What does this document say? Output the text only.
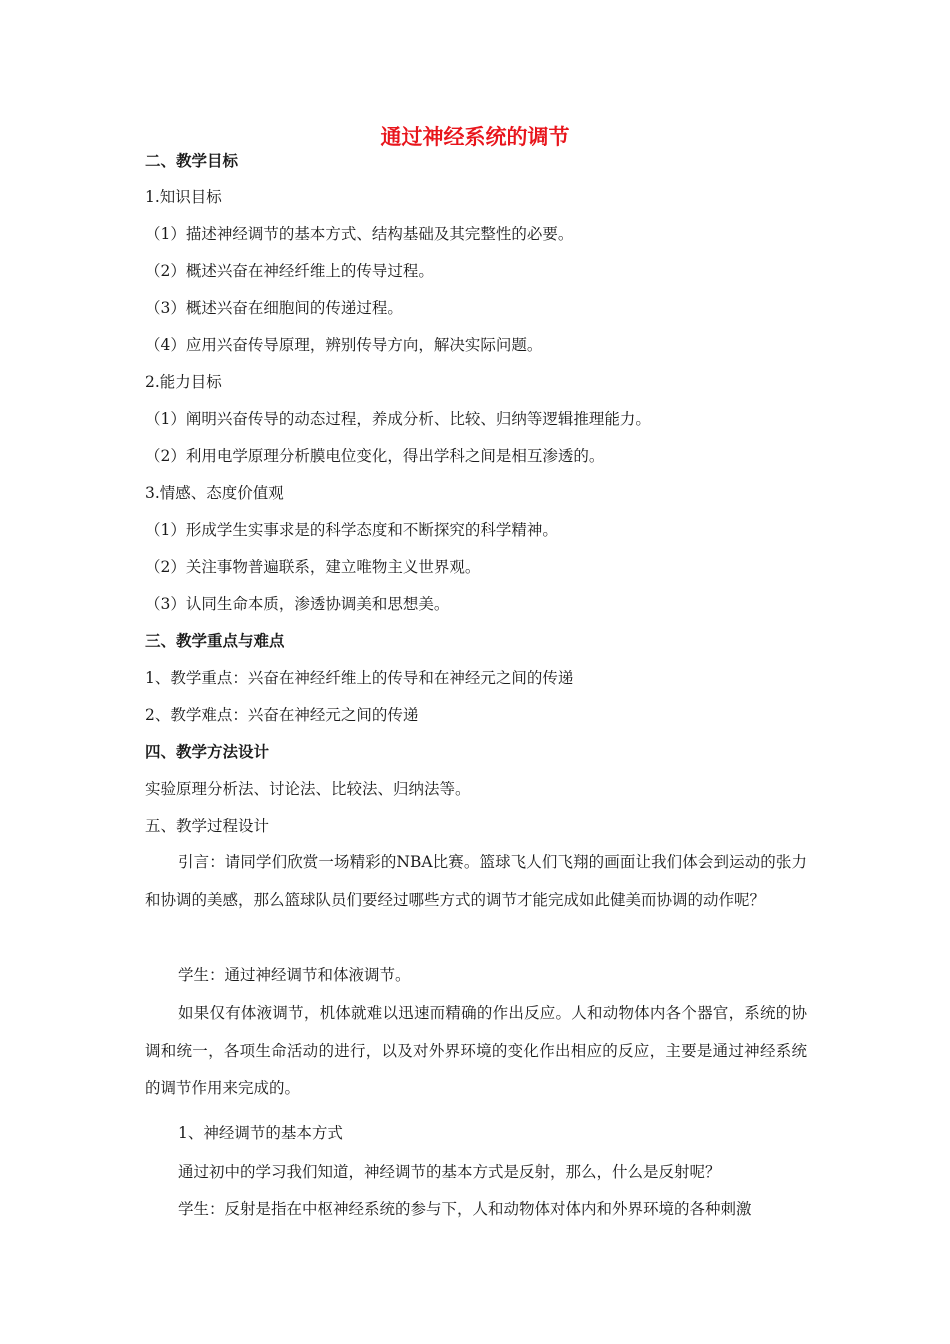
通过神经系统的调节
二、教学目标
1.知识目标
（1）描述神经调节的基本方式、结构基础及其完整性的必要。
（2）概述兴奋在神经纤维上的传导过程。
（3）概述兴奋在细胞间的传递过程。
（4）应用兴奋传导原理，辨别传导方向，解决实际问题。
2.能力目标
（1）阐明兴奋传导的动态过程，养成分析、比较、归纳等逻辑推理能力。
（2）利用电学原理分析膜电位变化，得出学科之间是相互渗透的。
3.情感、态度价值观
（1）形成学生实事求是的科学态度和不断探究的科学精神。
（2）关注事物普遍联系，建立唯物主义世界观。
（3）认同生命本质，渗透协调美和思想美。
三、教学重点与难点
1、教学重点：兴奋在神经纤维上的传导和在神经元之间的传递
2、教学难点：兴奋在神经元之间的传递
四、教学方法设计
实验原理分析法、讨论法、比较法、归纳法等。
五、教学过程设计
引言：请同学们欣赏一场精彩的NBA比赛。篮球飞人们飞翔的画面让我们体会到运动的张力和协调的美感，那么篮球队员们要经过哪些方式的调节才能完成如此健美而协调的动作呢？
学生：通过神经调节和体液调节。
如果仅有体液调节，机体就难以迅速而精确的作出反应。人和动物体内各个器官，系统的协调和统一，各项生命活动的进行，以及对外界环境的变化作出相应的反应，主要是通过神经系统的调节作用来完成的。
1、神经调节的基本方式
通过初中的学习我们知道，神经调节的基本方式是反射，那么，什么是反射呢？
学生：反射是指在中枢神经系统的参与下，人和动物体对体内和外界环境的各种刺激
